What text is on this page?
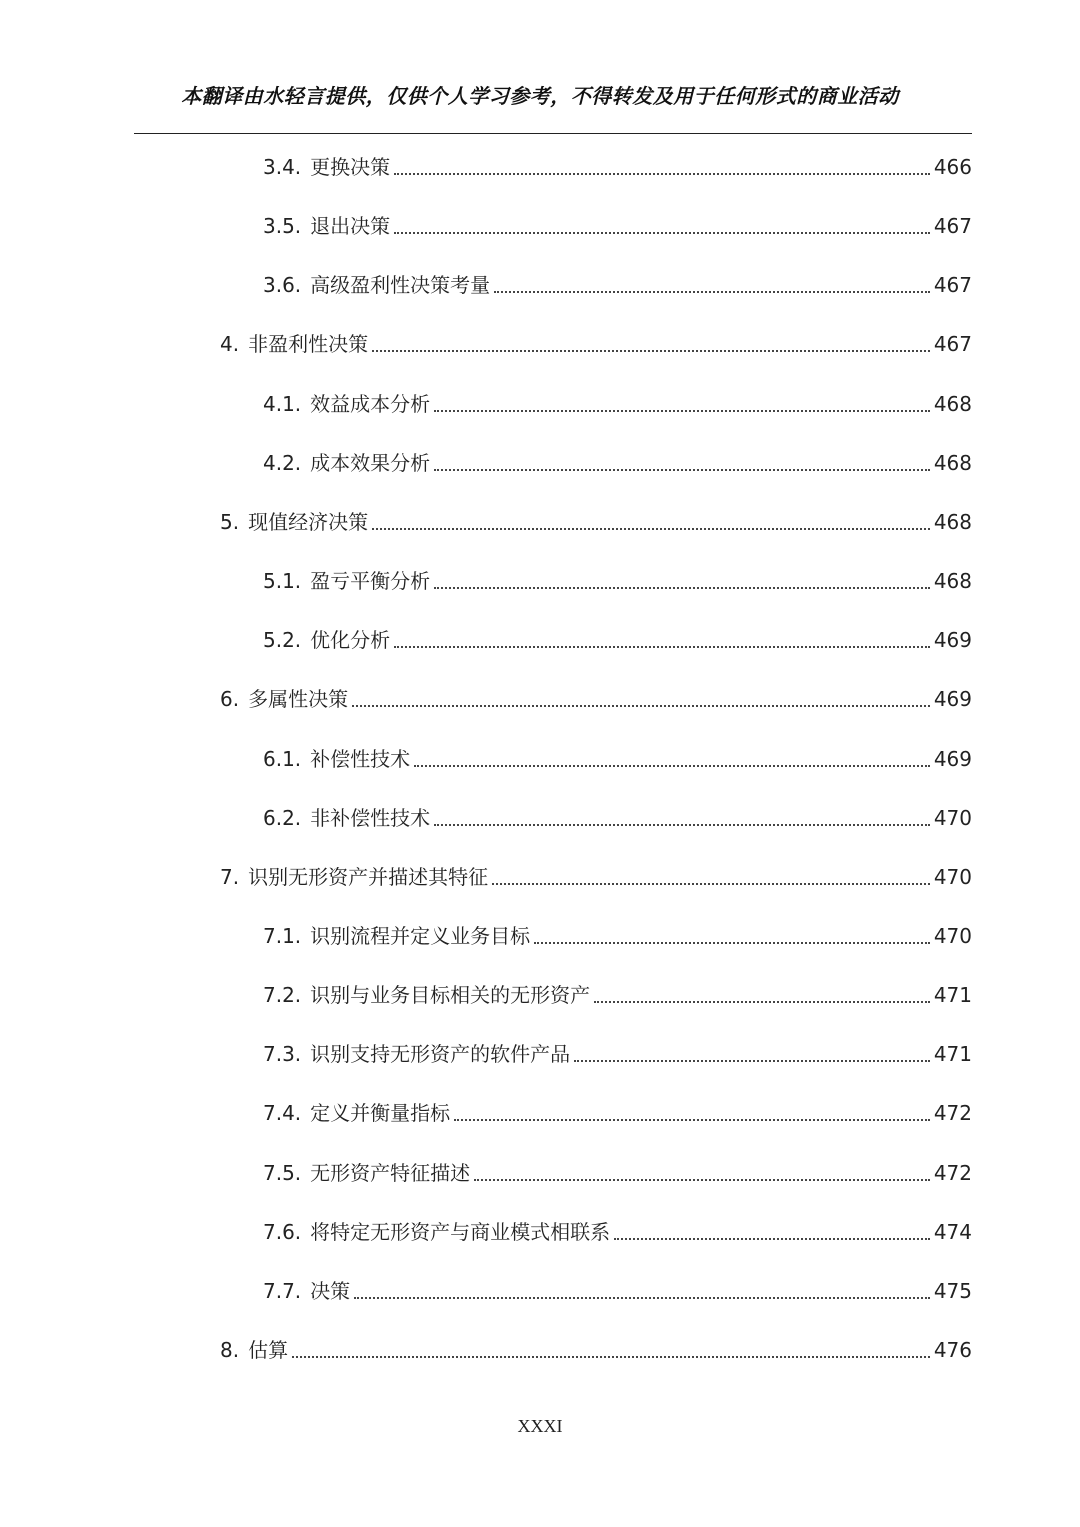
本翻译由水轻言提供，仅供个人学习参考，不得转发及用于任何形式的商业活动
3.4. 更换决策	466
3.5. 退出决策	467
3.6. 高级盈利性决策考量	467
4. 非盈利性决策	467
4.1. 效益成本分析	468
4.2. 成本效果分析	468
5. 现值经济决策	468
5.1. 盈亏平衡分析	468
5.2. 优化分析	469
6. 多属性决策	469
6.1. 补偿性技术	469
6.2. 非补偿性技术	470
7. 识别无形资产并描述其特征	470
7.1. 识别流程并定义业务目标	470
7.2. 识别与业务目标相关的无形资产	471
7.3. 识别支持无形资产的软件产品	471
7.4. 定义并衡量指标	472
7.5. 无形资产特征描述	472
7.6. 将特定无形资产与商业模式相联系	474
7.7. 决策	475
8. 估算	476
XXXI
